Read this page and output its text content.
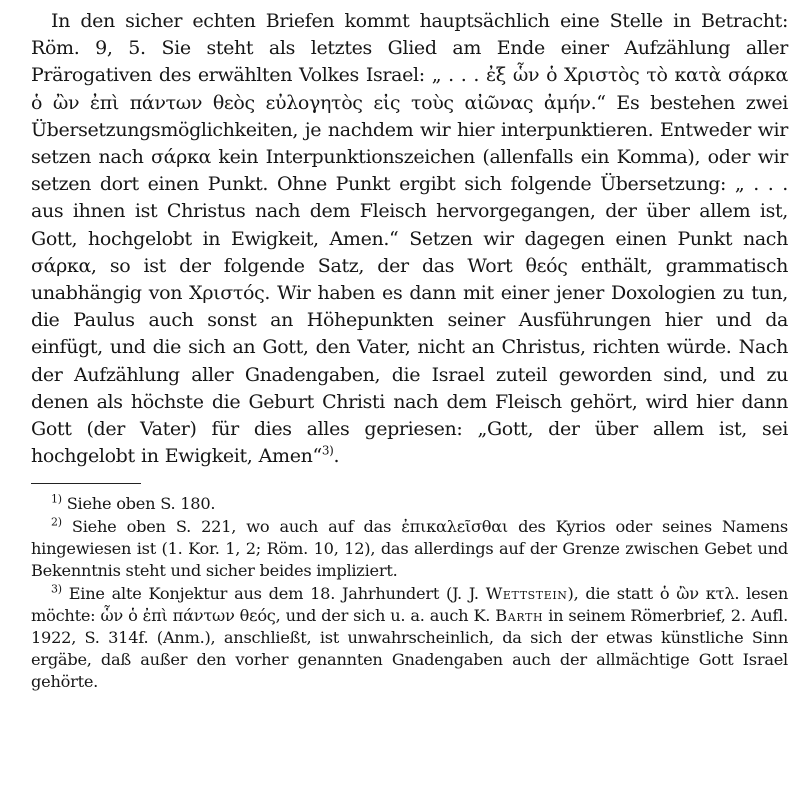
In den sicher echten Briefen kommt hauptsächlich eine Stelle in Betracht: Röm. 9, 5. Sie steht als letztes Glied am Ende einer Aufzählung aller Prärogativen des erwählten Volkes Israel: „ . . . ἐξ ὧν ὁ Χριστὸς τὸ κατὰ σάρκα ὁ ὢν ἐπὶ πάντων θεὸς εὐλογητὸς εἰς τοὺς αἰῶνας ἀμήν.“ Es bestehen zwei Übersetzungsmöglichkeiten, je nachdem wir hier interpunktieren. Entweder wir setzen nach σάρκα kein Interpunktionszeichen (allenfalls ein Komma), oder wir setzen dort einen Punkt. Ohne Punkt ergibt sich folgende Übersetzung: „ . . . aus ihnen ist Christus nach dem Fleisch hervorgegangen, der über allem ist, Gott, hochgelobt in Ewigkeit, Amen.“ Setzen wir dagegen einen Punkt nach σάρκα, so ist der folgende Satz, der das Wort θεός enthält, grammatisch unabhängig von Χριστός. Wir haben es dann mit einer jener Doxologien zu tun, die Paulus auch sonst an Höhepunkten seiner Ausführungen hier und da einfügt, und die sich an Gott, den Vater, nicht an Christus, richten würde. Nach der Aufzählung aller Gnadengaben, die Israel zuteil geworden sind, und zu denen als höchste die Geburt Christi nach dem Fleisch gehört, wird hier dann Gott (der Vater) für dies alles gepriesen: „Gott, der über allem ist, sei hochgelobt in Ewigkeit, Amen“$^{3)}$.

$^{1)}$ Siehe oben S. 180.
$^{2)}$ Siehe oben S. 221, wo auch auf das ἐπικαλεῖσθαι des Kyrios oder seines Namens hingewiesen ist (1. Kor. 1, 2; Röm. 10, 12), das allerdings auf der Grenze zwischen Gebet und Bekenntnis steht und sicher beides impliziert.
$^{3)}$ Eine alte Konjektur aus dem 18. Jahrhundert (J. J. Wettstein), die statt ὁ ὢν κτλ. lesen möchte: ὧν ὁ ἐπὶ πάντων θεός, und der sich u. a. auch K. Barth in seinem Römerbrief, 2. Aufl. 1922, S. 314f. (Anm.), anschließt, ist unwahrscheinlich, da sich der etwas künstliche Sinn ergäbe, daß außer den vorher genannten Gnadengaben auch der allmächtige Gott Israel gehörte.
